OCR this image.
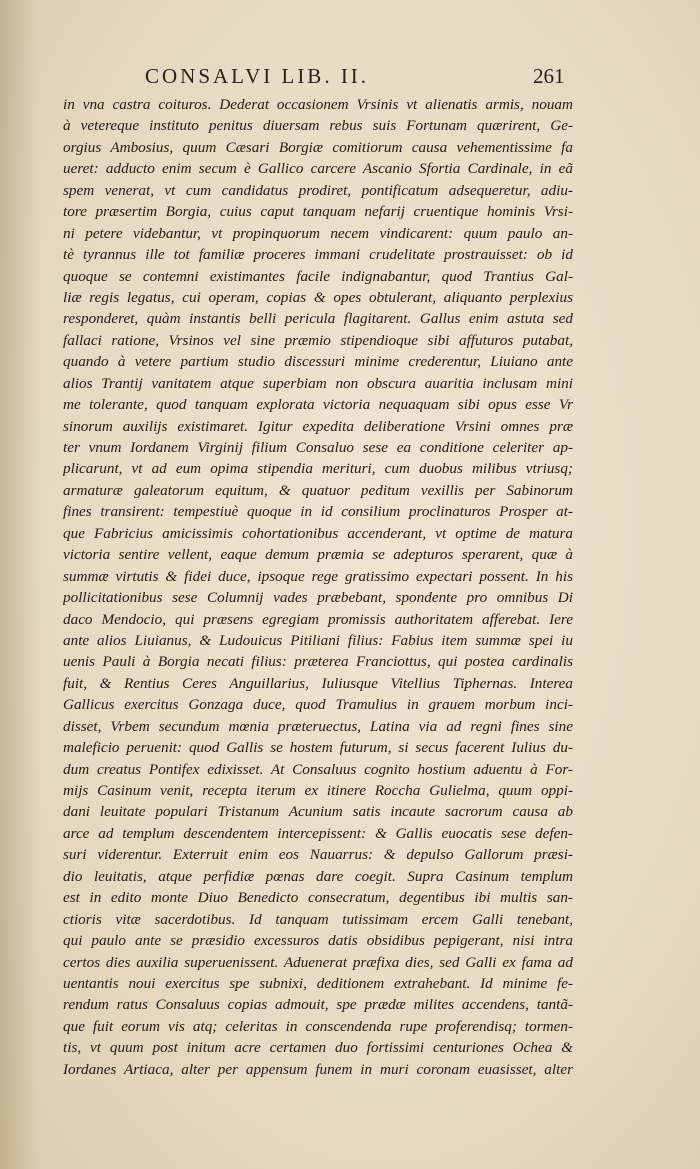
CONSALVI LIB. II.	261
in vna castra coituros. Dederat occasionem Vrsinis vt alienatis armis, nouam
à vetereque instituto penitus diuersam rebus suis Fortunam quærirent, Ge-
orgius Ambosius, quum Cæsari Borgiæ comitiorum causa vehementissime fa
ueret: adducto enim secum è Gallico carcere Ascanio Sfortia Cardinale, in eã
spem venerat, vt cum candidatus prodiret, pontificatum adsequeretur, adiu-
tore præsertim Borgia, cuius caput tanquam nefarij cruentique hominis Vrsi-
ni petere videbantur, vt propinquorum necem vindicarent: quum paulo an-
tè tyrannus ille tot familiæ proceres immani crudelitate prostrauisset: ob id
quoque se contemni existimantes facile indignabantur, quod Trantius Gal-
liæ regis legatus, cui operam, copias & opes obtulerant, aliquanto perplexius
responderet, quàm instantis belli pericula flagitarent. Gallus enim astuta sed
fallaci ratione, Vrsinos vel sine præmio stipendioque sibi affuturos putabat,
quando à vetere partium studio discessuri minime crederentur, Liuiano ante
alios Trantij vanitatem atque superbiam non obscura auaritia inclusam mini
me tolerante, quod tanquam explorata victoria nequaquam sibi opus esse Vr
sinorum auxilijs existimaret. Igitur expedita deliberatione Vrsini omnes præ
ter vnum Iordanem Virginij filium Consaluo sese ea conditione celeriter ap-
plicarunt, vt ad eum opima stipendia merituri, cum duobus milibus vtriusq;
armaturæ galeatorum equitum, & quatuor peditum vexillis per Sabinorum
fines transirent: tempestiuè quoque in id consilium proclinaturos Prosper at-
que Fabricius amicissimis cohortationibus accenderant, vt optime de matura
victoria sentire vellent, eaque demum præmia se adepturos sperarent, quæ à
summæ virtutis & fidei duce, ipsoque rege gratissimo expectari possent. In his
pollicitationibus sese Columnij vades præbebant, spondente pro omnibus Di
daco Mendocio, qui præsens egregiam promissis authoritatem afferebat. Iere
ante alios Liuianus, & Ludouicus Pitiliani filius: Fabius item summæ spei iu
uenis Pauli à Borgia necati filius: præterea Franciottus, qui postea cardinalis
fuit, & Rentius Ceres Anguillarius, Iuliusque Vitellius Tiphernas. Interea
Gallicus exercitus Gonzaga duce, quod Tramulius in grauem morbum inci-
disset, Vrbem secundum mœnia præteruectus, Latina via ad regni fines sine
maleficio peruenit: quod Gallis se hostem futurum, si secus facerent Iulius du-
dum creatus Pontifex edixisset. At Consaluus cognito hostium aduentu à For-
mijs Casinum venit, recepta iterum ex itinere Roccha Gulielma, quum oppi-
dani leuitate populari Tristanum Acunium satis incaute sacrorum causa ab
arce ad templum descendentem intercepissent: & Gallis euocatis sese defen-
suri viderentur. Exterruit enim eos Nauarrus: & depulso Gallorum præsi-
dio leuitatis, atque perfidiæ pœnas dare coegit. Supra Casinum templum
est in edito monte Diuo Benedicto consecratum, degentibus ibi multis san-
ctioris vitæ sacerdotibus. Id tanquam tutissimam ercem Galli tenebant,
qui paulo ante se præsidio excessuros datis obsidibus pepigerant, nisi intra
certos dies auxilia superuenissent. Aduenerat præfixa dies, sed Galli ex fama ad
uentantis noui exercitus spe subnixi, deditionem extrahebant. Id minime fe-
rendum ratus Consaluus copias admouit, spe prædæ milites accendens, tantã-
que fuit eorum vis atq; celeritas in conscendenda rupe proferendisq; tormen-
tis, vt quum post initum acre certamen duo fortissimi centuriones Ochea &
Iordanes Artiaca, alter per appensum funem in muri coronam euasisset, alter
